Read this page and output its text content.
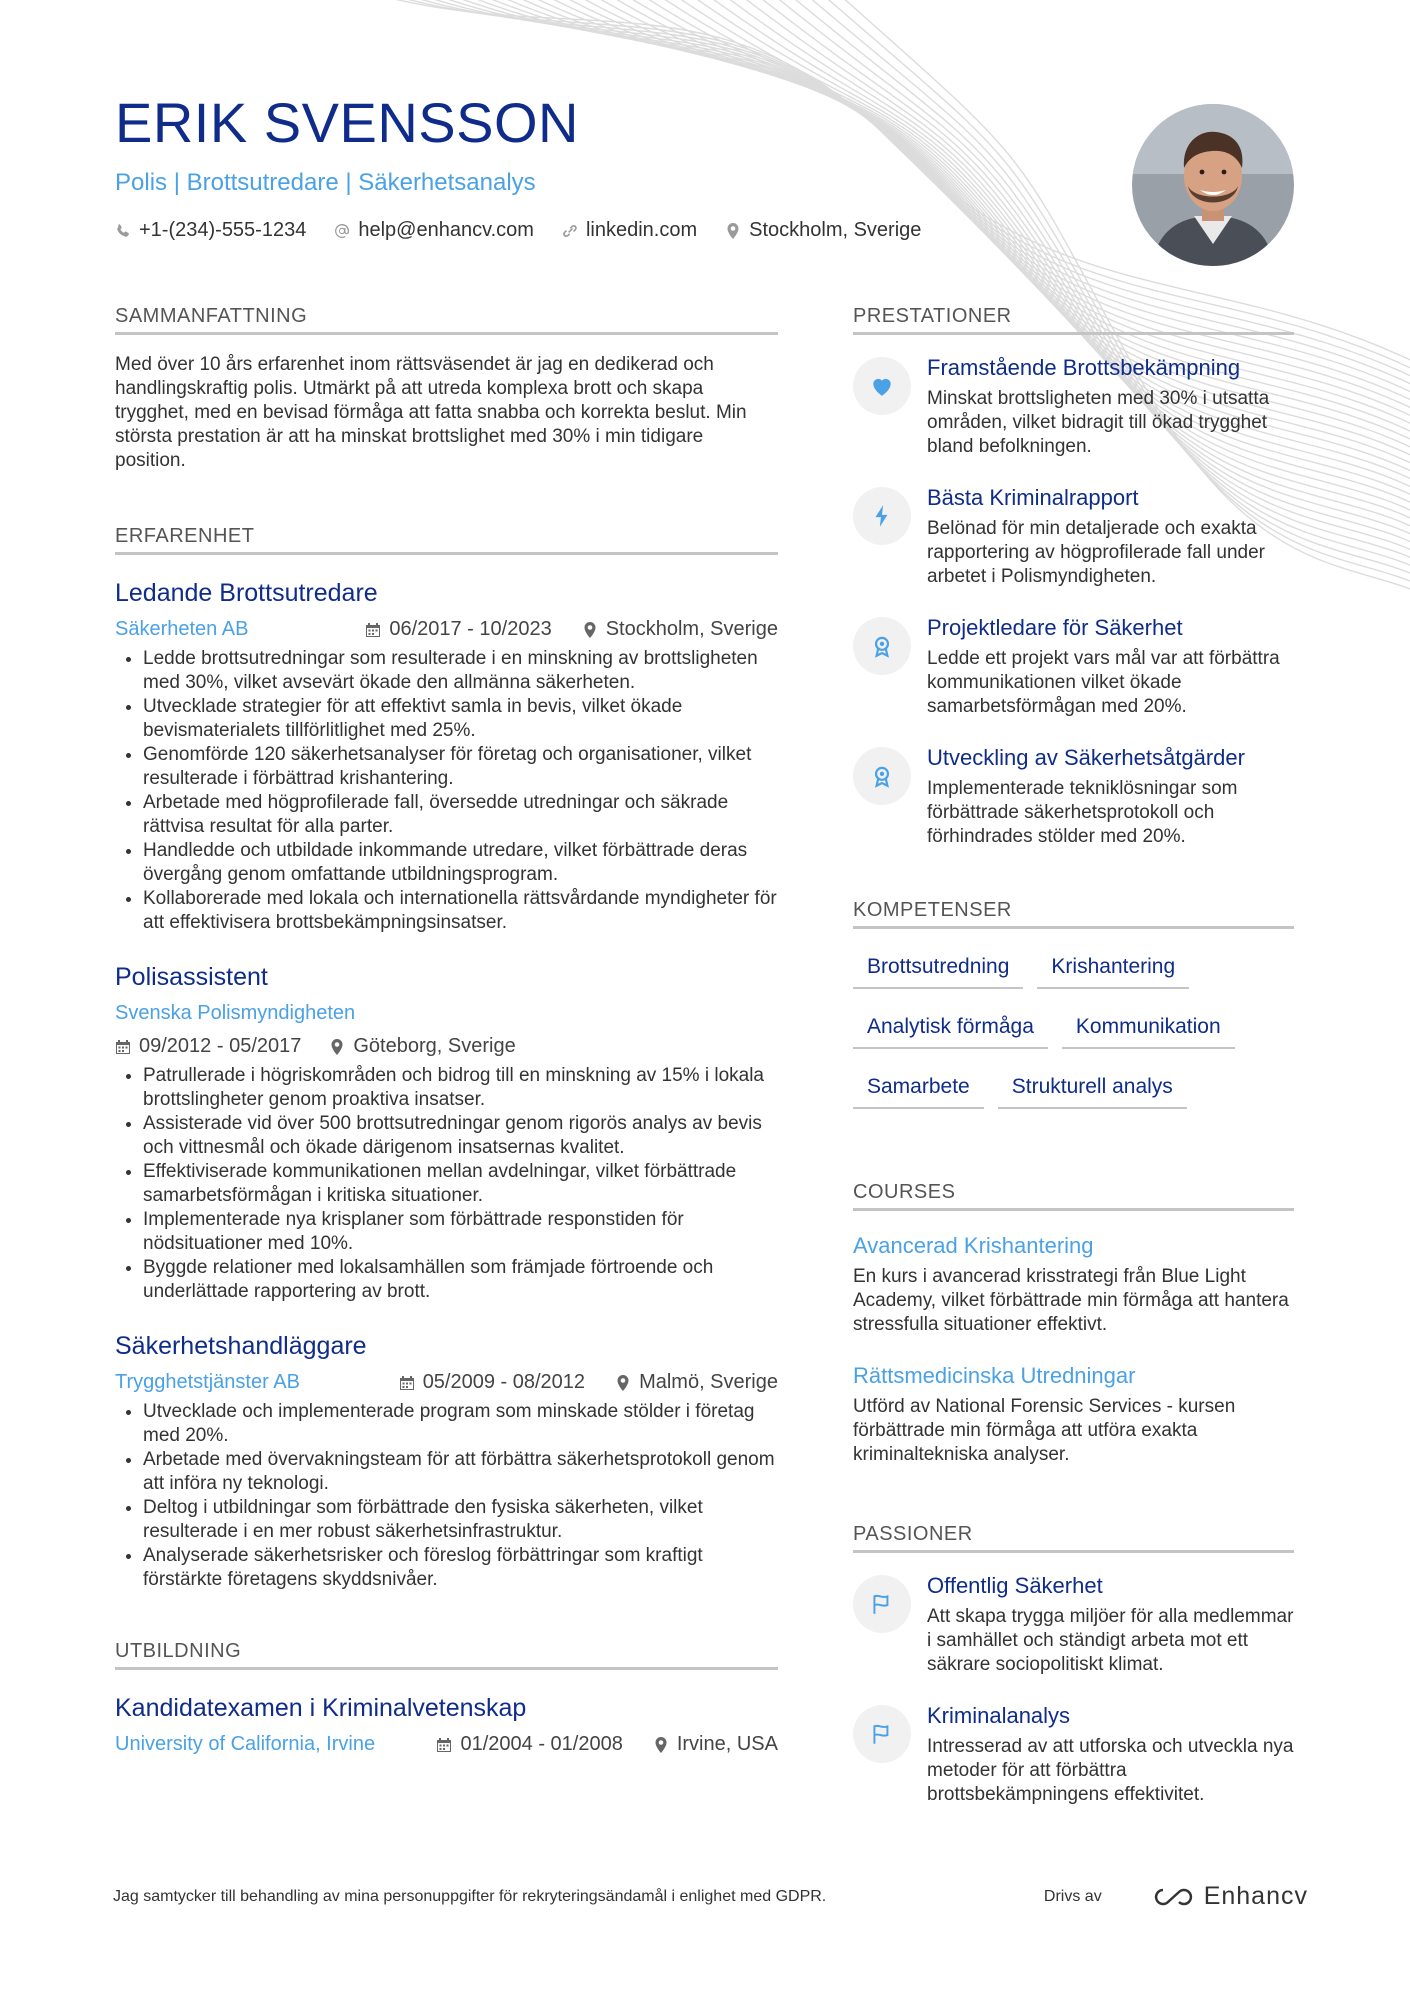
ERIK SVENSSON
Polis | Brottsutredare | Säkerhetsanalys
+1-(234)-555-1234	help@enhancv.com	linkedin.com	Stockholm, Sverige
SAMMANFATTNING
Med över 10 års erfarenhet inom rättsväsendet är jag en dedikerad och handlingskraftig polis. Utmärkt på att utreda komplexa brott och skapa trygghet, med en bevisad förmåga att fatta snabba och korrekta beslut. Min största prestation är att ha minskat brottslighet med 30% i min tidigare position.
ERFARENHET
Ledande Brottsutredare
Säkerheten AB	06/2017 - 10/2023	Stockholm, Sverige
• Ledde brottsutredningar som resulterade i en minskning av brottsligheten med 30%, vilket avsevärt ökade den allmänna säkerheten.
• Utvecklade strategier för att effektivt samla in bevis, vilket ökade bevismaterialets tillförlitlighet med 25%.
• Genomförde 120 säkerhetsanalyser för företag och organisationer, vilket resulterade i förbättrad krishantering.
• Arbetade med högprofilerade fall, översedde utredningar och säkrade rättvisa resultat för alla parter.
• Handledde och utbildade inkommande utredare, vilket förbättrade deras övergång genom omfattande utbildningsprogram.
• Kollaborerade med lokala och internationella rättsvårdande myndigheter för att effektivisera brottsbekämpningsinsatser.
Polisassistent
Svenska Polismyndigheten
09/2012 - 05/2017	Göteborg, Sverige
• Patrullerade i högriskområden och bidrog till en minskning av 15% i lokala brottslingheter genom proaktiva insatser.
• Assisterade vid över 500 brottsutredningar genom rigorös analys av bevis och vittnesmål och ökade därigenom insatsernas kvalitet.
• Effektiviserade kommunikationen mellan avdelningar, vilket förbättrade samarbetsförmågan i kritiska situationer.
• Implementerade nya krisplaner som förbättrade responstiden för nödsituationer med 10%.
• Byggde relationer med lokalsamhällen som främjade förtroende och underlättade rapportering av brott.
Säkerhetshandläggare
Trygghetstjänster AB	05/2009 - 08/2012	Malmö, Sverige
• Utvecklade och implementerade program som minskade stölder i företag med 20%.
• Arbetade med övervakningsteam för att förbättra säkerhetsprotokoll genom att införa ny teknologi.
• Deltog i utbildningar som förbättrade den fysiska säkerheten, vilket resulterade i en mer robust säkerhetsinfrastruktur.
• Analyserade säkerhetsrisker och föreslog förbättringar som kraftigt förstärkte företagens skyddsnivåer.
UTBILDNING
Kandidatexamen i Kriminalvetenskap
University of California, Irvine	01/2004 - 01/2008	Irvine, USA
PRESTATIONER
Framstående Brottsbekämpning
Minskat brottsligheten med 30% i utsatta områden, vilket bidragit till ökad trygghet bland befolkningen.
Bästa Kriminalrapport
Belönad för min detaljerade och exakta rapportering av högprofilerade fall under arbetet i Polismyndigheten.
Projektledare för Säkerhet
Ledde ett projekt vars mål var att förbättra kommunikationen vilket ökade samarbetsförmågan med 20%.
Utveckling av Säkerhetsåtgärder
Implementerade tekniklösningar som förbättrade säkerhetsprotokoll och förhindrades stölder med 20%.
KOMPETENSER
Brottsutredning	Krishantering
Analytisk förmåga	Kommunikation
Samarbete	Strukturell analys
COURSES
Avancerad Krishantering
En kurs i avancerad krisstrategi från Blue Light Academy, vilket förbättrade min förmåga att hantera stressfulla situationer effektivt.
Rättsmedicinska Utredningar
Utförd av National Forensic Services - kursen förbättrade min förmåga att utföra exakta kriminaltekniska analyser.
PASSIONER
Offentlig Säkerhet
Att skapa trygga miljöer för alla medlemmar i samhället och ständigt arbeta mot ett säkrare sociopolitiskt klimat.
Kriminalanalys
Intresserad av att utforska och utveckla nya metoder för att förbättra brottsbekämpningens effektivitet.
Jag samtycker till behandling av mina personuppgifter för rekryteringsändamål i enlighet med GDPR.	Drivs av	Enhancv
